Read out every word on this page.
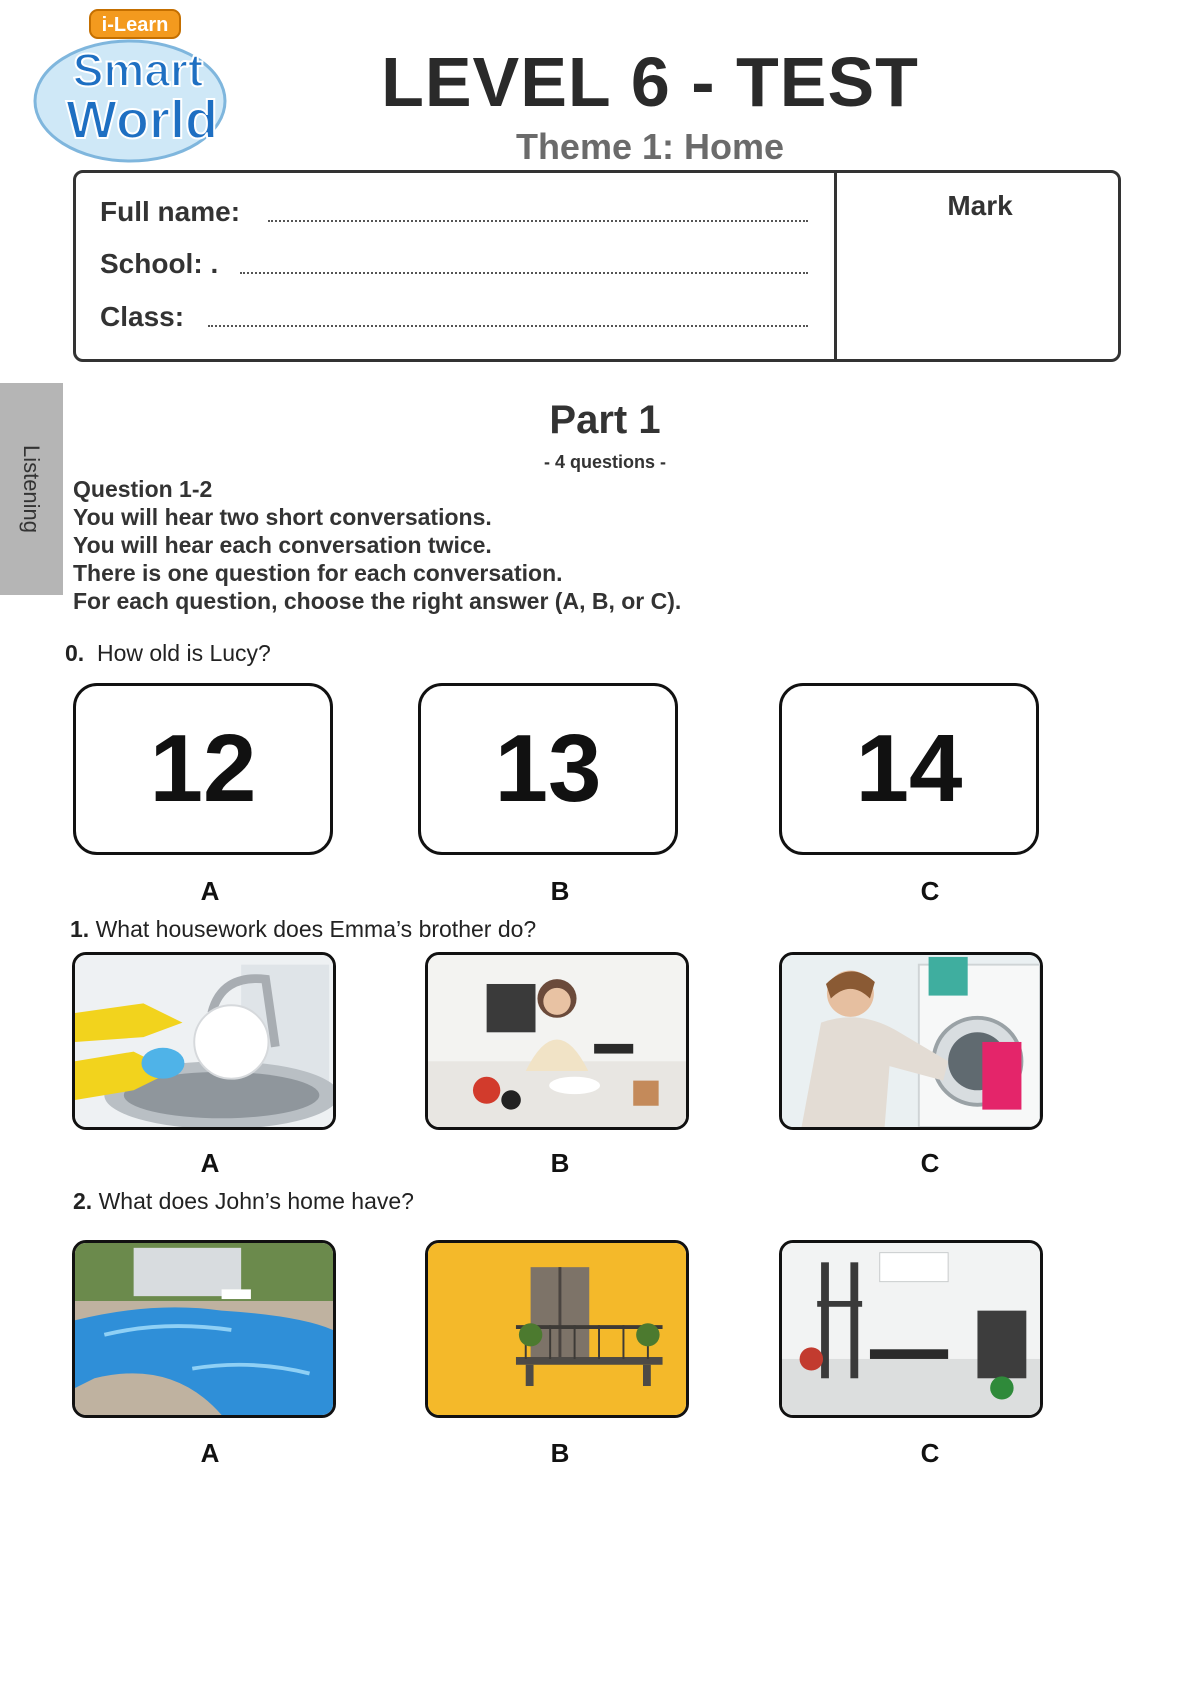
i-Learn
Smart
World	LEVEL 6 - TEST
Theme 1: Home
Full name:
School: .
Class:
Mark
Listening
Part 1
- 4 questions -
Question 1-2
You will hear two short conversations.
You will hear each conversation twice.
There is one question for each conversation.
For each question, choose the right answer (A, B, or C).
0. How old is Lucy?
12	13	14
A	B	C
1. What housework does Emma’s brother do?
A	B	C
2. What does John’s home have?
A	B	C
